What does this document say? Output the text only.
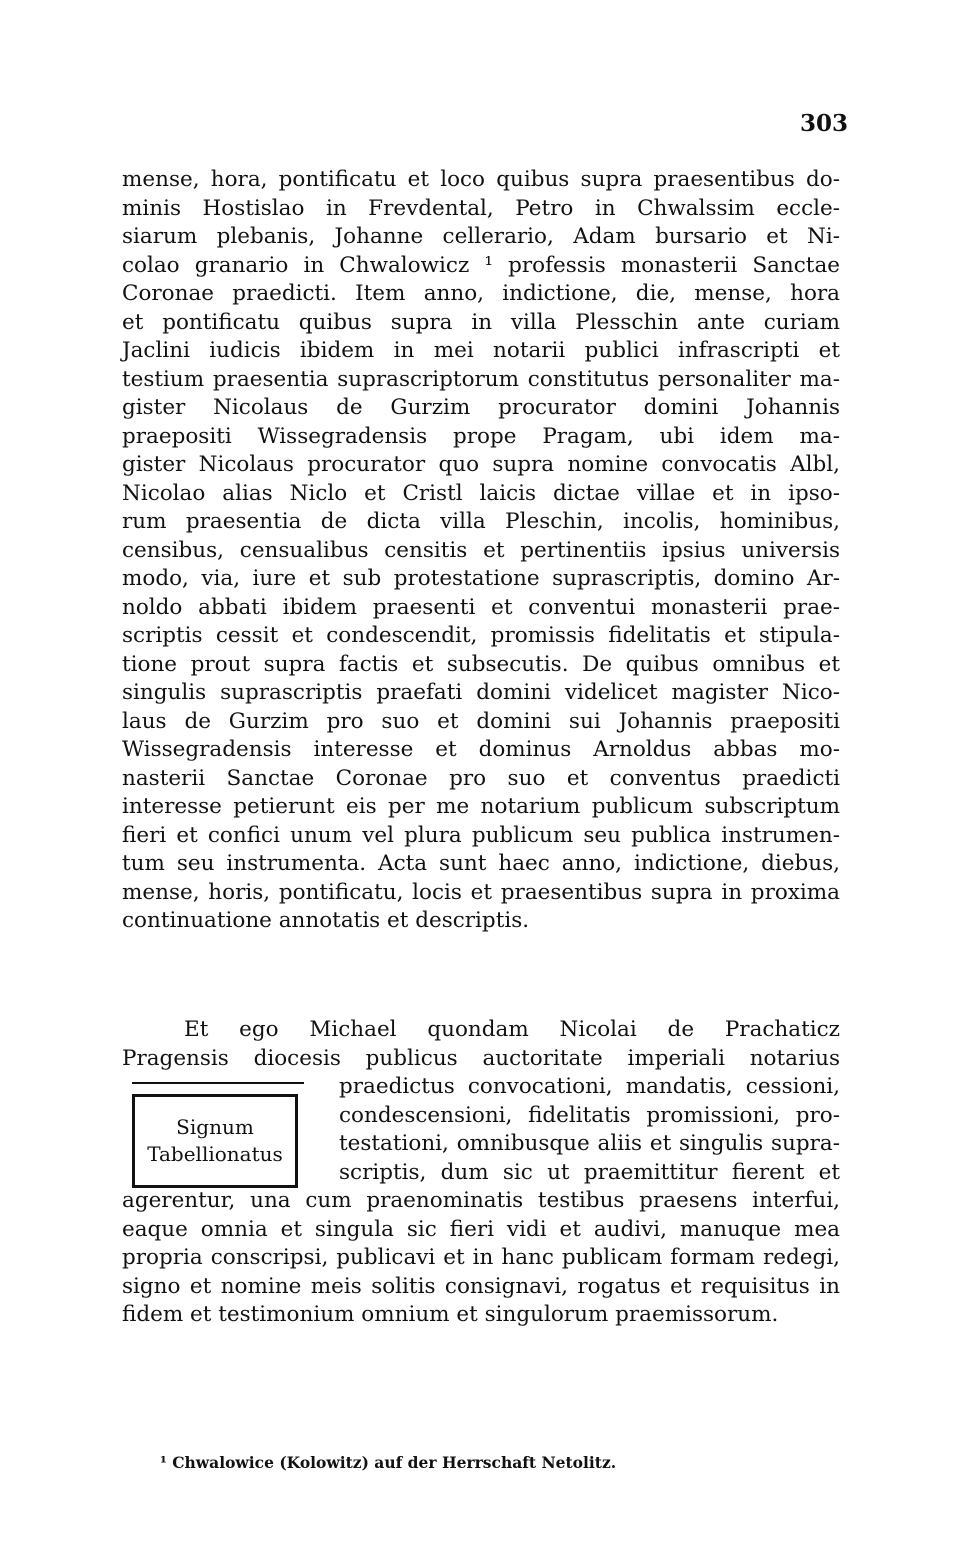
303
mense, hora, pontificatu et loco quibus supra praesentibus do-
minis Hostislao in Frevdental, Petro in Chwalssim eccle-
siarum plebanis, Johanne cellerario, Adam bursario et Ni-
colao granario in Chwalowicz ¹ professis monasterii Sanctae
Coronae praedicti. Item anno, indictione, die, mense, hora
et pontificatu quibus supra in villa Plesschin ante curiam
Jaclini iudicis ibidem in mei notarii publici infrascripti et
testium praesentia suprascriptorum constitutus personaliter ma-
gister Nicolaus de Gurzim procurator domini Johannis
praepositi Wissegradensis prope Pragam, ubi idem ma-
gister Nicolaus procurator quo supra nomine convocatis Albl,
Nicolao alias Niclo et Cristl laicis dictae villae et in ipso-
rum praesentia de dicta villa Pleschin, incolis, hominibus,
censibus, censualibus censitis et pertinentiis ipsius universis
modo, via, iure et sub protestatione suprascriptis, domino Ar-
noldo abbati ibidem praesenti et conventui monasterii prae-
scriptis cessit et condescendit, promissis fidelitatis et stipula-
tione prout supra factis et subsecutis. De quibus omnibus et
singulis suprascriptis praefati domini videlicet magister Nico-
laus de Gurzim pro suo et domini sui Johannis praepositi
Wissegradensis interesse et dominus Arnoldus abbas mo-
nasterii Sanctae Coronae pro suo et conventus praedicti
interesse petierunt eis per me notarium publicum subscriptum
fieri et confici unum vel plura publicum seu publica instrumen-
tum seu instrumenta. Acta sunt haec anno, indictione, diebus,
mense, horis, pontificatu, locis et praesentibus supra in proxima
continuatione annotatis et descriptis.
Et ego Michael quondam Nicolai de Prachaticz
Pragensis diocesis publicus auctoritate imperiali notarius
praedictus convocationi, mandatis, cessioni,
condescensioni, fidelitatis promissioni, pro-
testationi, omnibusque aliis et singulis supra-
scriptis, dum sic ut praemittitur fierent et
agerentur, una cum praenominatis testibus praesens interfui,
eaque omnia et singula sic fieri vidi et audivi, manuque mea
propria conscripsi, publicavi et in hanc publicam formam redegi,
signo et nomine meis solitis consignavi, rogatus et requisitus in
fidem et testimonium omnium et singulorum praemissorum.
Signum
Tabellionatus
¹ Chwalowice (Kolowitz) auf der Herrschaft Netolitz.
